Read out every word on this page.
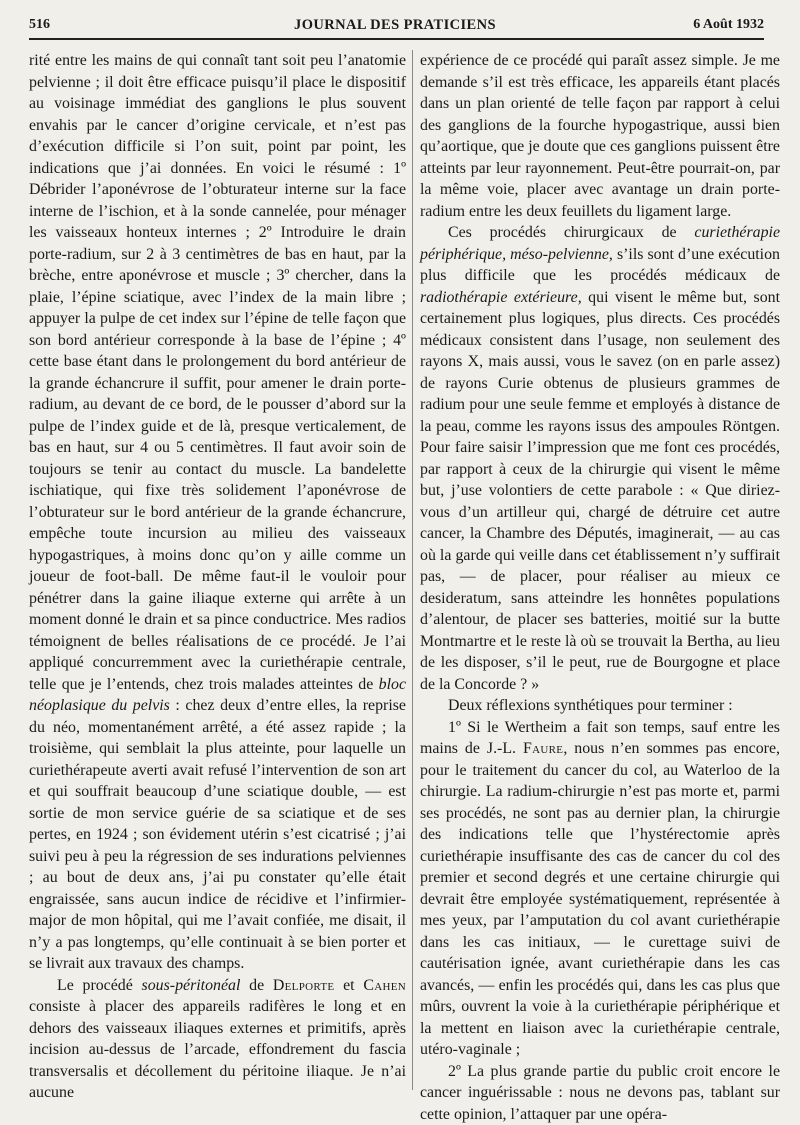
516	JOURNAL DES PRATICIENS	6 Août 1932

rité entre les mains de qui connaît tant soit peu l’anatomie pelvienne ; il doit être efficace puisqu’il place le dispositif au voisinage immédiat des ganglions le plus souvent envahis par le cancer d’origine cervicale, et n’est pas d’exécution difficile si l’on suit, point par point, les indications que j’ai données. En voici le résumé : 1º Débrider l’aponévrose de l’obturateur interne sur la face interne de l’ischion, et à la sonde cannelée, pour ménager les vaisseaux honteux internes ; 2º Introduire le drain porte-radium, sur 2 à 3 centimètres de bas en haut, par la brèche, entre aponévrose et muscle ; 3º chercher, dans la plaie, l’épine sciatique, avec l’index de la main libre ; appuyer la pulpe de cet index sur l’épine de telle façon que son bord antérieur corresponde à la base de l’épine ; 4º cette base étant dans le prolongement du bord antérieur de la grande échancrure il suffit, pour amener le drain porte-radium, au devant de ce bord, de le pousser d’abord sur la pulpe de l’index guide et de là, presque verticalement, de bas en haut, sur 4 ou 5 centimètres. Il faut avoir soin de toujours se tenir au contact du muscle. La bandelette ischiatique, qui fixe très solidement l’aponévrose de l’obturateur sur le bord antérieur de la grande échancrure, empêche toute incursion au milieu des vaisseaux hypogastriques, à moins donc qu’on y aille comme un joueur de foot-ball. De même faut-il le vouloir pour pénétrer dans la gaine iliaque externe qui arrête à un moment donné le drain et sa pince conductrice. Mes radios témoignent de belles réalisations de ce procédé. Je l’ai appliqué concurremment avec la curiethérapie centrale, telle que je l’entends, chez trois malades atteintes de bloc néoplasique du pelvis : chez deux d’entre elles, la reprise du néo, momentanément arrêté, a été assez rapide ; la troisième, qui semblait la plus atteinte, pour laquelle un curiethérapeute averti avait refusé l’intervention de son art et qui souffrait beaucoup d’une sciatique double, — est sortie de mon service guérie de sa sciatique et de ses pertes, en 1924 ; son évidement utérin s’est cicatrisé ; j’ai suivi peu à peu la régression de ses indurations pelviennes ; au bout de deux ans, j’ai pu constater qu’elle était engraissée, sans aucun indice de récidive et l’infirmier-major de mon hôpital, qui me l’avait confiée, me disait, il n’y a pas longtemps, qu’elle continuait à se bien porter et se livrait aux travaux des champs.

Le procédé sous-péritonéal de Delporte et Cahen consiste à placer des appareils radifères le long et en dehors des vaisseaux iliaques externes et primitifs, après incision au-dessus de l’arcade, effondrement du fascia transversalis et décollement du péritoine iliaque. Je n’ai aucune

expérience de ce procédé qui paraît assez simple. Je me demande s’il est très efficace, les appareils étant placés dans un plan orienté de telle façon par rapport à celui des ganglions de la fourche hypogastrique, aussi bien qu’aortique, que je doute que ces ganglions puissent être atteints par leur rayonnement. Peut-être pourrait-on, par la même voie, placer avec avantage un drain porte-radium entre les deux feuillets du ligament large.

Ces procédés chirurgicaux de curiethérapie périphérique, méso-pelvienne, s’ils sont d’une exécution plus difficile que les procédés médicaux de radiothérapie extérieure, qui visent le même but, sont certainement plus logiques, plus directs. Ces procédés médicaux consistent dans l’usage, non seulement des rayons X, mais aussi, vous le savez (on en parle assez) de rayons Curie obtenus de plusieurs grammes de radium pour une seule femme et employés à distance de la peau, comme les rayons issus des ampoules Röntgen. Pour faire saisir l’impression que me font ces procédés, par rapport à ceux de la chirurgie qui visent le même but, j’use volontiers de cette parabole : « Que diriez-vous d’un artilleur qui, chargé de détruire cet autre cancer, la Chambre des Députés, imaginerait, — au cas où la garde qui veille dans cet établissement n’y suffirait pas, — de placer, pour réaliser au mieux ce desideratum, sans atteindre les honnêtes populations d’alentour, de placer ses batteries, moitié sur la butte Montmartre et le reste là où se trouvait la Bertha, au lieu de les disposer, s’il le peut, rue de Bourgogne et place de la Concorde ? »

Deux réflexions synthétiques pour terminer :

1º Si le Wertheim a fait son temps, sauf entre les mains de J.-L. Faure, nous n’en sommes pas encore, pour le traitement du cancer du col, au Waterloo de la chirurgie. La radium-chirurgie n’est pas morte et, parmi ses procédés, ne sont pas au dernier plan, la chirurgie des indications telle que l’hystérectomie après curiethérapie insuffisante des cas de cancer du col des premier et second degrés et une certaine chirurgie qui devrait être employée systématiquement, représentée à mes yeux, par l’amputation du col avant curiethérapie dans les cas initiaux, — le curettage suivi de cautérisation ignée, avant curiethérapie dans les cas avancés, — enfin les procédés qui, dans les cas plus que mûrs, ouvrent la voie à la curiethérapie périphérique et la mettent en liaison avec la curiethérapie centrale, utéro-vaginale ;

2º La plus grande partie du public croit encore le cancer inguérissable : nous ne devons pas, tablant sur cette opinion, l’attaquer par une opéra-
